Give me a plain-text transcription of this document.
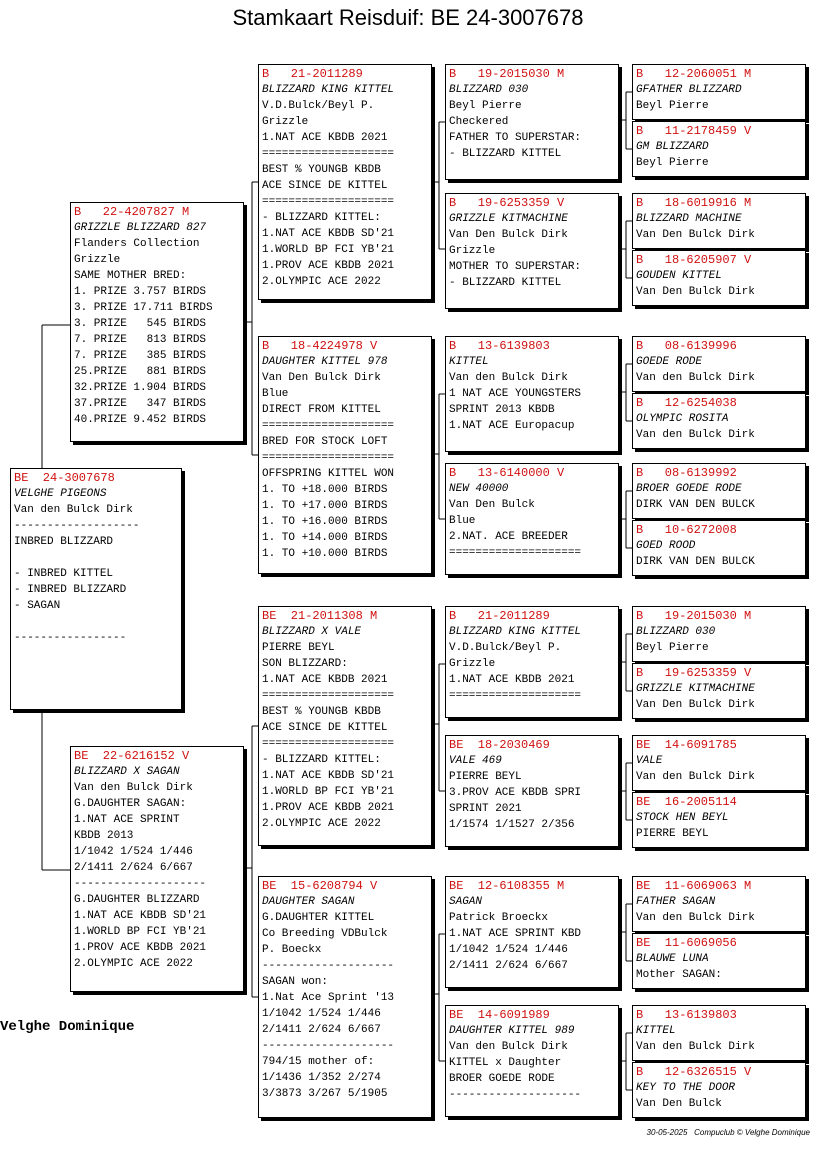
Stamkaart Reisduif: BE 24-3007678
BE  24-3007678
VELGHE PIGEONS
Van den Bulck Dirk
-------------------
INBRED BLIZZARD

- INBRED KITTEL
- INBRED BLIZZARD
- SAGAN

-----------------
B   22-4207827 M
GRIZZLE BLIZZARD 827
Flanders Collection
Grizzle
SAME MOTHER BRED:
1. PRIZE 3.757 BIRDS
3. PRIZE 17.711 BIRDS
3. PRIZE   545 BIRDS
7. PRIZE   813 BIRDS
7. PRIZE   385 BIRDS
25.PRIZE   881 BIRDS
32.PRIZE 1.904 BIRDS
37.PRIZE   347 BIRDS
40.PRIZE 9.452 BIRDS
BE  22-6216152 V
BLIZZARD X SAGAN
Van den Bulck Dirk
G.DAUGHTER SAGAN:
1.NAT ACE SPRINT
KBDB 2013
1/1042 1/524 1/446
2/1411 2/624 6/667
--------------------
G.DAUGHTER BLIZZARD
1.NAT ACE KBDB SD'21
1.WORLD BP FCI YB'21
1.PROV ACE KBDB 2021
2.OLYMPIC ACE 2022
B   21-2011289
BLIZZARD KING KITTEL
V.D.Bulck/Beyl P.
Grizzle
1.NAT ACE KBDB 2021
====================
BEST % YOUNGB KBDB
ACE SINCE DE KITTEL
====================
- BLIZZARD KITTEL:
1.NAT ACE KBDB SD'21
1.WORLD BP FCI YB'21
1.PROV ACE KBDB 2021
2.OLYMPIC ACE 2022
B   18-4224978 V
DAUGHTER KITTEL 978
Van Den Bulck Dirk
Blue
DIRECT FROM KITTEL
====================
BRED FOR STOCK LOFT
====================
OFFSPRING KITTEL WON
1. TO +18.000 BIRDS
1. TO +17.000 BIRDS
1. TO +16.000 BIRDS
1. TO +14.000 BIRDS
1. TO +10.000 BIRDS
BE  21-2011308 M
BLIZZARD X VALE
PIERRE BEYL
SON BLIZZARD:
1.NAT ACE KBDB 2021
====================
BEST % YOUNGB KBDB
ACE SINCE DE KITTEL
====================
- BLIZZARD KITTEL:
1.NAT ACE KBDB SD'21
1.WORLD BP FCI YB'21
1.PROV ACE KBDB 2021
2.OLYMPIC ACE 2022
BE  15-6208794 V
DAUGHTER SAGAN
G.DAUGHTER KITTEL
Co Breeding VDBulck
P. Boeckx
--------------------
SAGAN won:
1.Nat Ace Sprint '13
1/1042 1/524 1/446
2/1411 2/624 6/667
--------------------
794/15 mother of:
1/1436 1/352 2/274
3/3873 3/267 5/1905
B   19-2015030 M
BLIZZARD 030
Beyl Pierre
Checkered
FATHER TO SUPERSTAR:
- BLIZZARD KITTEL
B   19-6253359 V
GRIZZLE KITMACHINE
Van Den Bulck Dirk
Grizzle
MOTHER TO SUPERSTAR:
- BLIZZARD KITTEL
B   13-6139803
KITTEL
Van den Bulck Dirk
1 NAT ACE YOUNGSTERS
SPRINT 2013 KBDB
1.NAT ACE Europacup
B   13-6140000 V
NEW 40000
Van Den Bulck
Blue
2.NAT. ACE BREEDER
====================
B   21-2011289
BLIZZARD KING KITTEL
V.D.Bulck/Beyl P.
Grizzle
1.NAT ACE KBDB 2021
====================
BE  18-2030469
VALE 469
PIERRE BEYL
3.PROV ACE KBDB SPRI
SPRINT 2021
1/1574 1/1527 2/356
BE  12-6108355 M
SAGAN
Patrick Broeckx
1.NAT ACE SPRINT KBD
1/1042 1/524 1/446
2/1411 2/624 6/667
BE  14-6091989
DAUGHTER KITTEL 989
Van den Bulck Dirk
KITTEL x Daughter
BROER GOEDE RODE
--------------------
B   12-2060051 M
GFATHER BLIZZARD
Beyl Pierre
B   11-2178459 V
GM BLIZZARD
Beyl Pierre
B   18-6019916 M
BLIZZARD MACHINE
Van Den Bulck Dirk
B   18-6205907 V
GOUDEN KITTEL
Van Den Bulck Dirk
B   08-6139996
GOEDE RODE
Van den Bulck Dirk
B   12-6254038
OLYMPIC ROSITA
Van den Bulck Dirk
B   08-6139992
BROER GOEDE RODE
DIRK VAN DEN BULCK
B   10-6272008
GOED ROOD
DIRK VAN DEN BULCK
B   19-2015030 M
BLIZZARD 030
Beyl Pierre
B   19-6253359 V
GRIZZLE KITMACHINE
Van Den Bulck Dirk
BE  14-6091785
VALE
Van den Bulck Dirk
BE  16-2005114
STOCK HEN BEYL
PIERRE BEYL
BE  11-6069063 M
FATHER SAGAN
Van den Bulck Dirk
BE  11-6069056
BLAUWE LUNA
Mother SAGAN:
B   13-6139803
KITTEL
Van den Bulck Dirk
B   12-6326515 V
KEY TO THE DOOR
Van Den Bulck
Velghe Dominique
30-05-2025   Compuclub © Velghe Dominique
